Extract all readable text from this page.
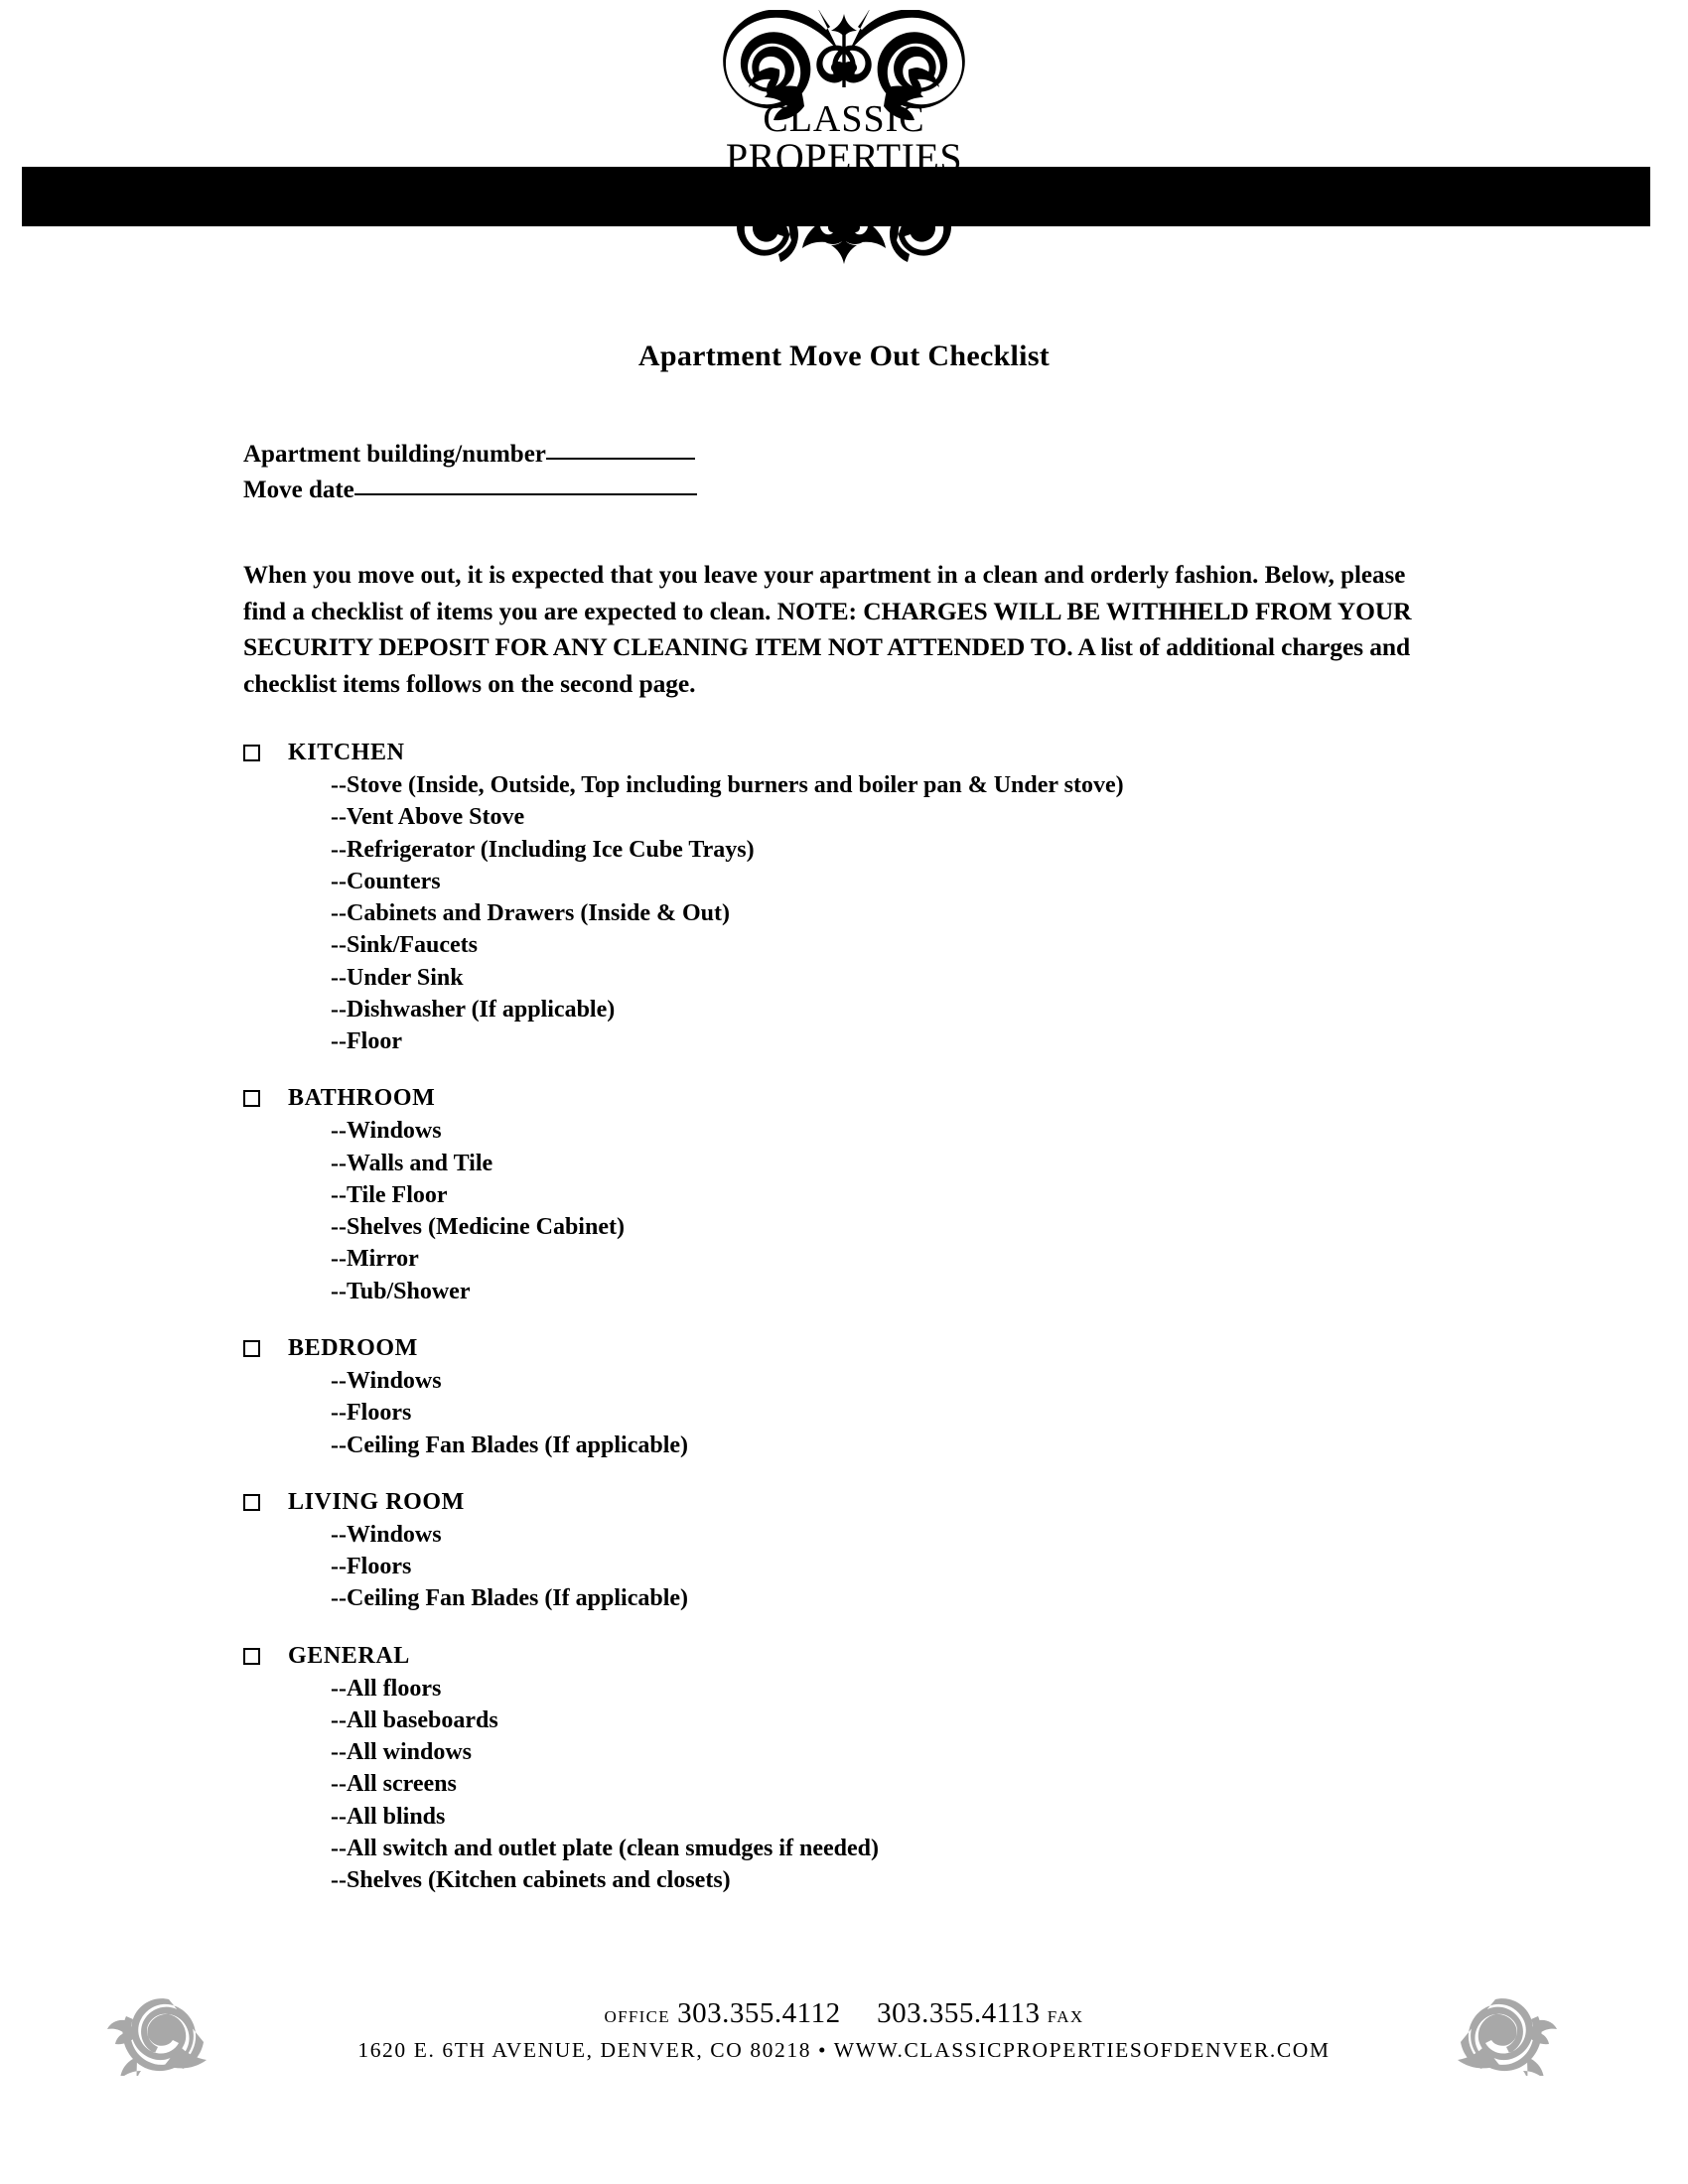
CLASSIC
PROPERTIES
OF DENVER
Apartment Move Out Checklist
Apartment building/number
Move date
When you move out, it is expected that you leave your apartment in a clean and orderly fashion. Below, please find a checklist of items you are expected to clean. NOTE: CHARGES WILL BE WITHHELD FROM YOUR SECURITY DEPOSIT FOR ANY CLEANING ITEM NOT ATTENDED TO. A list of additional charges and checklist items follows on the second page.
KITCHEN
--Stove (Inside, Outside, Top including burners and boiler pan & Under stove)
--Vent Above Stove
--Refrigerator (Including Ice Cube Trays)
--Counters
--Cabinets and Drawers (Inside & Out)
--Sink/Faucets
--Under Sink
--Dishwasher (If applicable)
--Floor
BATHROOM
--Windows
--Walls and Tile
--Tile Floor
--Shelves (Medicine Cabinet)
--Mirror
--Tub/Shower
BEDROOM
--Windows
--Floors
--Ceiling Fan Blades (If applicable)
LIVING ROOM
--Windows
--Floors
--Ceiling Fan Blades (If applicable)
GENERAL
--All floors
--All baseboards
--All windows
--All screens
--All blinds
--All switch and outlet plate (clean smudges if needed)
--Shelves (Kitchen cabinets and closets)
OFFICE 303.355.4112 303.355.4113 FAX
1620 E. 6TH AVENUE, DENVER, CO 80218 • WWW.CLASSICPROPERTIESOFDENVER.COM
